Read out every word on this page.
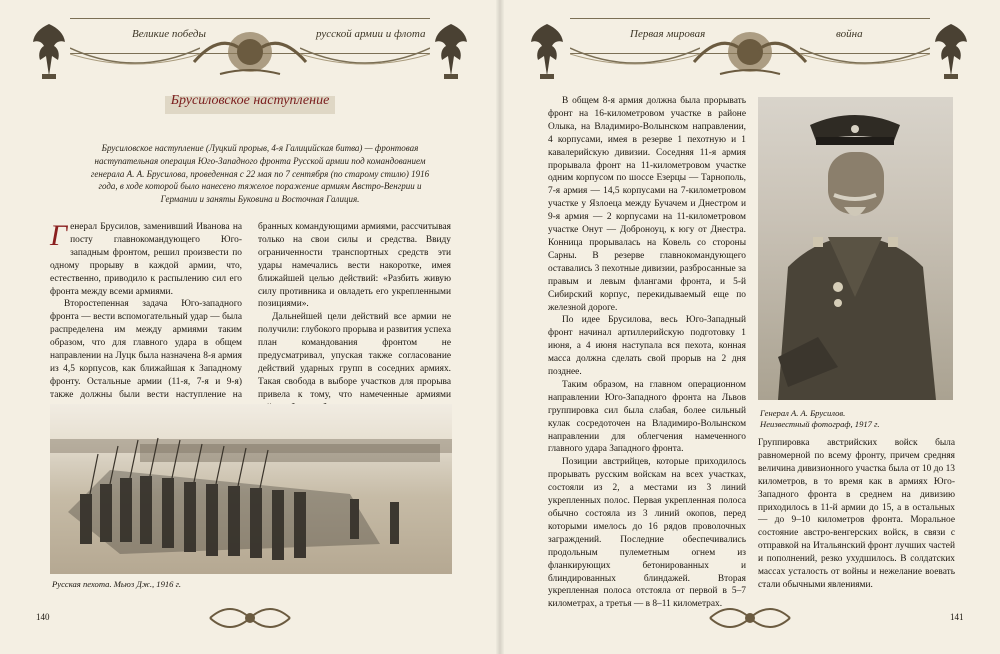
Великие победы	русской армии и флота
Брусиловское наступление
Брусиловское наступление (Луцкий прорыв, 4-я Галицийская битва) — фронтовая наступательная операция Юго-Западного фронта Русской армии под командованием генерала А. А. Брусилова, проведенная с 22 мая по 7 сентября (по старому стилю) 1916 года, в ходе которой было нанесено тяжелое поражение армиям Австро-Венгрии и Германии и заняты Буковина и Восточная Галиция.

Генерал Брусилов, заменивший Иванова на посту главнокомандующего Юго-западным фронтом, решил произвести по одному прорыву в каждой армии, что, естественно, приводило к распылению сил его фронта между всеми армиями.

Второстепенная задача Юго-западного фронта — вести вспомогательный удар — была распределена им между армиями таким образом, что для главного удара в общем направлении на Луцк была назначена 8-я армия из 4,5 корпусов, как ближайшая к Западному фронту. Остальные армии (11-я, 7-я и 9-я) также должны были вести наступление на

бранных командующими армиями, рассчитывая только на свои силы и средства. Ввиду ограниченности транспортных средств эти удары намечались вести накоротке, имея ближайшей целью действий: «Разбить живую силу противника и овладеть его укрепленными позициями».

Дальнейшей цели действий все армии не получили: глубокого прорыва и развития успеха план командования фронтом не предусматривал, упуская также согласование действий ударных групп в соседних армиях. Такая свобода в выборе участков для прорыва привела к тому, что намеченные армиями

Русская пехота. Мьюз Дж., 1916 г.
140
Первая мировая	война

В общем 8-я армия должна была прорывать фронт на 16-километровом участке в районе Олыка, на Владимиро-Волынском направлении, 4 корпусами, имея в резерве 1 пехотную и 1 кавалерийскую дивизии. Соседняя 11-я армия прорывала фронт на 11-километровом участке одним корпусом по шоссе Езерцы — Тарнополь, 7-я армия — 14,5 корпусами на 7-километровом участке у Язлоеца между Бучачем и Днестром и 9-я армия — 2 корпусами на 11-километровом участке Онут — Доброноуц, к югу от Днестра. Конница прорывалась на Ковель со стороны Сарны. В резерве главнокомандующего оставались 3 пехотные дивизии, разбросанные за правым и левым флангами фронта, и 5-й Сибирский корпус, перекидываемый еще по железной дороге.

По идее Брусилова, весь Юго-Западный фронт начинал артиллерийскую подготовку 1 июня, а 4 июня наступала вся пехота, конная масса должна сделать свой прорыв на 2 дня позднее.

Таким образом, на главном операционном направлении Юго-Западного фронта на Львов группировка сил была слабая, более сильный кулак сосредоточен на Владимиро-Волынском направлении для облегчения намеченного главного удара Западного фронта.

Позиции австрийцев, которые приходилось прорывать русским войскам на всех участках, состояли из 2, а местами из 3 линий укрепленных полос. Первая укрепленная полоса обычно состояла из 3 линий окопов, перед которыми имелось до 16 рядов проволочных заграждений. Последние обеспечивались продольным пулеметным огнем из фланкирующих бетонированных и блиндированных блиндажей. Вторая укрепленная полоса отстояла от первой в 5–7 километрах, а третья — в 8–11 километрах.

Генерал А. А. Брусилов.
Неизвестный фотограф, 1917 г.

Группировка австрийских войск была равномерной по всему фронту, причем средняя величина дивизионного участка была от 10 до 13 километров, в то время как в армиях Юго-Западного фронта в среднем на дивизию приходилось в 11-й армии до 15, а в остальных — до 9–10 километров фронта. Моральное состояние австро-венгерских войск, в связи с отправкой на Итальянский фронт лучших частей и пополнений, резко ухудшилось. В солдатских массах усталость от войны и нежелание воевать стали обычными явлениями.

141
